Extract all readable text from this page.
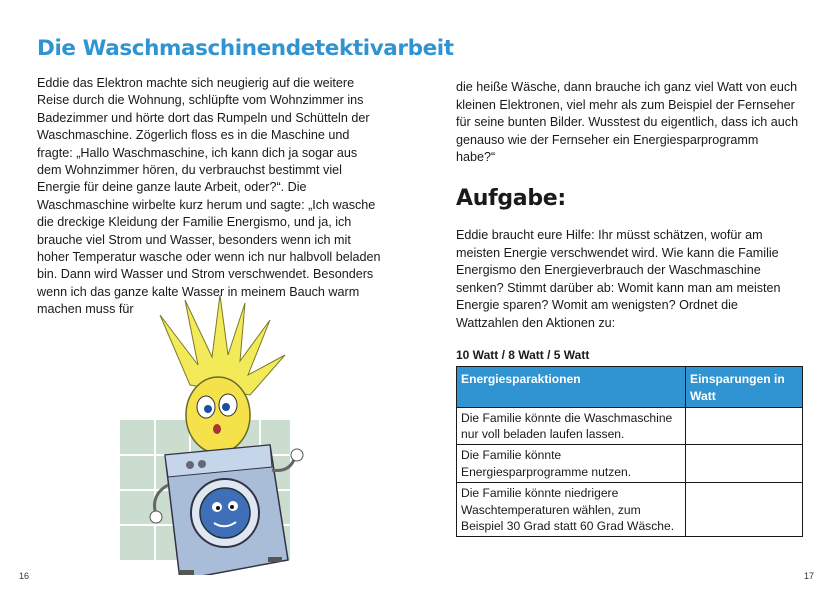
Die Waschmaschinendetektivarbeit

Eddie das Elektron machte sich neugierig auf die weitere Reise durch die Wohnung, schlüpfte vom Wohnzimmer ins Badezimmer und hörte dort das Rumpeln und Schütteln der Waschmaschine. Zögerlich floss es in die Maschine und fragte: „Hallo Waschmaschine, ich kann dich ja sogar aus dem Wohnzimmer hören, du verbrauchst bestimmt viel Energie für deine ganze laute Arbeit, oder?“. Die Waschmaschine wirbelte kurz herum und sagte: „Ich wasche die dreckige Kleidung der Familie Energismo, und ja, ich brauche viel Strom und Wasser, besonders wenn ich mit hoher Temperatur wasche oder wenn ich nur halbvoll beladen bin. Dann wird Wasser und Strom verschwendet. Besonders wenn ich das ganze kalte Wasser in meinem Bauch warm machen muss für

16	17

die heiße Wäsche, dann brauche ich ganz viel Watt von euch kleinen Elektronen, viel mehr als zum Beispiel der Fernseher für seine bunten Bilder. Wusstest du eigentlich, dass ich auch genauso wie der Fernseher ein Energiesparprogramm habe?“

Aufgabe:

Eddie braucht eure Hilfe: Ihr müsst schätzen, wofür am meisten Energie verschwendet wird. Wie kann die Familie Energismo den Energieverbrauch der Waschmaschine senken? Stimmt darüber ab: Womit kann man am meisten Energie sparen? Womit am wenigsten? Ordnet die Wattzahlen den Aktionen zu:

10 Watt / 8 Watt / 5 Watt
Energiesparaktionen	Einsparungen in Watt
Die Familie könnte die Waschmaschine nur voll beladen laufen lassen.	
Die Familie könnte Energiesparprogramme nutzen.	
Die Familie könnte niedrigere Waschtemperaturen wählen, zum Beispiel 30 Grad statt 60 Grad Wäsche.	
